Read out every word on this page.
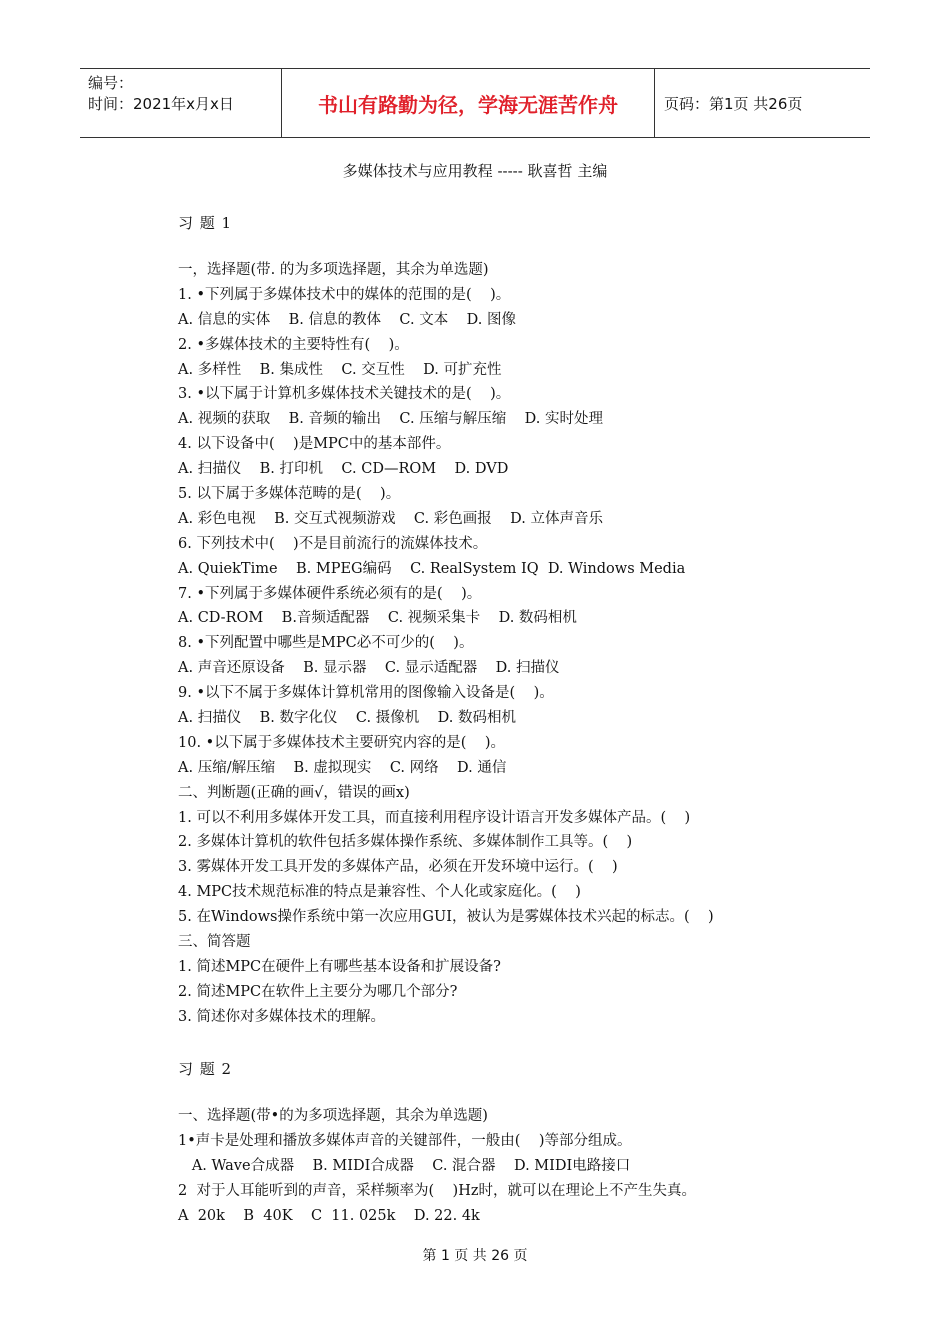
编号：
时间：2021年x月x日	书山有路勤为径，学海无涯苦作舟	页码：第1页 共26页
多媒体技术与应用教程 ----- 耿喜哲 主编
习 题 1
一，选择题(带. 的为多项选择题，其余为单选题)
1. •下列属于多媒体技术中的媒体的范围的是(    )。
A. 信息的实体    B. 信息的教体    C. 文本    D. 图像
2. •多媒体技术的主要特性有(    )。
A. 多样性    B. 集成性    C. 交互性    D. 可扩充性
3. •以下属于计算机多媒体技术关键技术的是(    )。
A. 视频的获取    B. 音频的输出    C. 压缩与解压缩    D. 实时处理
4. 以下设备中(    )是MPC中的基本部件。
A. 扫描仪    B. 打印机    C. CD—ROM    D. DVD
5. 以下属于多媒体范畴的是(    )。
A. 彩色电视    B. 交互式视频游戏    C. 彩色画报    D. 立体声音乐
6. 下列技术中(    )不是目前流行的流媒体技术。
A. QuiekTime    B. MPEG编码    C. RealSystem IQ  D. Windows Media
7. •下列属于多媒体硬件系统必须有的是(    )。
A. CD-ROM    B.音频适配器    C. 视频采集卡    D. 数码相机
8. •下列配置中哪些是MPC必不可少的(    )。
A. 声音还原设备    B. 显示器    C. 显示适配器    D. 扫描仪
9. •以下不属于多媒体计算机常用的图像输入设备是(    )。
A. 扫描仪    B. 数字化仪    C. 摄像机    D. 数码相机
10. •以下属于多媒体技术主要研究内容的是(    )。
A. 压缩/解压缩    B. 虚拟现实    C. 网络    D. 通信
二、判断题(正确的画√，错误的画x)
1. 可以不利用多媒体开发工具，而直接利用程序设计语言开发多媒体产品。(    )
2. 多媒体计算机的软件包括多媒体操作系统、多媒体制作工具等。(    )
3. 雾媒体开发工具开发的多媒体产品，必须在开发环境中运行。(    )
4. MPC技术规范标准的特点是兼容性、个人化或家庭化。(    )
5. 在Windows操作系统中第一次应用GUI，被认为是雾媒体技术兴起的标志。(    )
三、简答题
1. 简述MPC在硬件上有哪些基本设备和扩展设备?
2. 简述MPC在软件上主要分为哪几个部分?
3. 简述你对多媒体技术的理解。
习 题 2
一、选择题(带•的为多项选择题，其余为单选题)
1•声卡是处理和播放多媒体声音的关键部件，一般由(    )等部分组成。
A. Wave合成器    B. MIDI合成器    C. 混合器    D. MIDI电路接口
2  对于人耳能听到的声音，采样频率为(    )Hz时，就可以在理论上不产生失真。
A  20k    B  40K    C  11. 025k    D. 22. 4k
第 1 页 共 26 页
